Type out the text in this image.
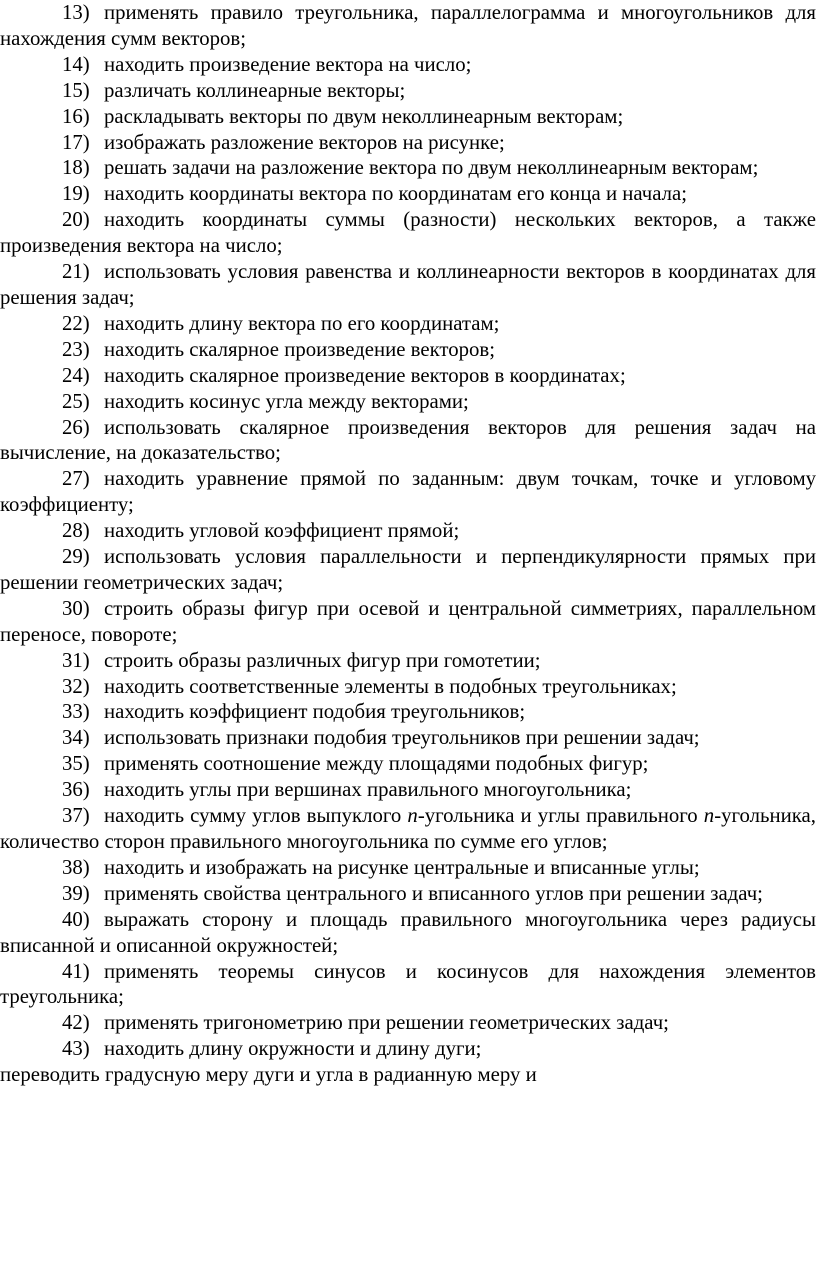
13) применять правило треугольника, параллелограмма и многоугольников для нахождения сумм векторов;

14) находить произведение вектора на число;

15) различать коллинеарные векторы;

16) раскладывать векторы по двум неколлинеарным векторам;

17) изображать разложение векторов на рисунке;

18) решать задачи на разложение вектора по двум неколлинеарным векторам;

19) находить координаты вектора по координатам его конца и начала;

20) находить координаты суммы (разности) нескольких векторов, а также произведения вектора на число;

21) использовать условия равенства и коллинеарности векторов в координатах для решения задач;

22) находить длину вектора по его координатам;

23) находить скалярное произведение векторов;

24) находить скалярное произведение векторов в координатах;

25) находить косинус угла между векторами;

26) использовать скалярное произведения векторов для решения задач на вычисление, на доказательство;

27) находить уравнение прямой по заданным: двум точкам, точке и угловому коэффициенту;

28) находить угловой коэффициент прямой;

29) использовать условия параллельности и перпендикулярности прямых при решении геометрических задач;

30) строить образы фигур при осевой и центральной симметриях, параллельном переносе, повороте;

31) строить образы различных фигур при гомотетии;

32) находить соответственные элементы в подобных треугольниках;

33) находить коэффициент подобия треугольников;

34) использовать признаки подобия треугольников при решении задач;

35) применять соотношение между площадями подобных фигур;

36) находить углы при вершинах правильного многоугольника;

37) находить сумму углов выпуклого n-угольника и углы правильного n-угольника, количество сторон правильного многоугольника по сумме его углов;

38) находить и изображать на рисунке центральные и вписанные углы;

39) применять свойства центрального и вписанного углов при решении задач;

40) выражать сторону и площадь правильного многоугольника через радиусы вписанной и описанной окружностей;

41) применять теоремы синусов и косинусов для нахождения элементов треугольника;

42) применять тригонометрию при решении геометрических задач;

43) находить длину окружности и длину дуги;

переводить градусную меру дуги и угла в радианную меру и
